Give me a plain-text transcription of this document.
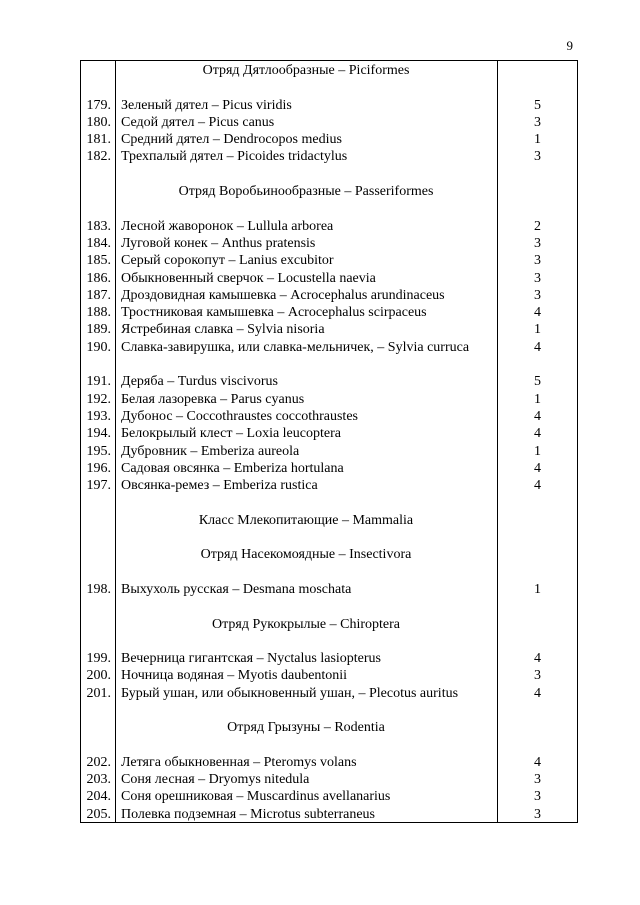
9
Отряд Дятлообразные – Piciformes
179. Зеленый дятел – Picus viridis	5
180. Седой дятел – Picus canus	3
181. Средний дятел – Dendrocopos medius	1
182. Трехпалый дятел – Picoides tridactylus	3
Отряд Воробьинообразные – Passeriformes
183. Лесной жаворонок – Lullula arborea	2
184. Луговой конек – Anthus pratensis	3
185. Серый сорокопут – Lanius excubitor	3
186. Обыкновенный сверчок – Locustella naevia	3
187. Дроздовидная камышевка – Acrocephalus arundinaceus	3
188. Тростниковая камышевка – Acrocephalus scirpaceus	4
189. Ястребиная славка – Sylvia nisoria	1
190. Славка-завирушка, или славка-мельничек, – Sylvia curruca	4
191. Деряба – Turdus viscivorus	5
192. Белая лазоревка – Parus cyanus	1
193. Дубонос – Coccothraustes coccothraustes	4
194. Белокрылый клест – Loxia leucoptera	4
195. Дубровник – Emberiza aureola	1
196. Садовая овсянка – Emberiza hortulana	4
197. Овсянка-ремез – Emberiza rustica	4
Класс Млекопитающие – Mammalia
Отряд Насекомоядные – Insectivora
198. Выхухоль русская – Desmana moschata	1
Отряд Рукокрылые – Chiroptera
199. Вечерница гигантская – Nyctalus lasiopterus	4
200. Ночница водяная – Myotis daubentonii	3
201. Бурый ушан, или обыкновенный ушан, – Plecotus auritus	4
Отряд Грызуны – Rodentia
202. Летяга обыкновенная – Pteromys volans	4
203. Соня лесная – Dryomys nitedula	3
204. Соня орешниковая – Muscardinus avellanarius	3
205. Полевка подземная – Microtus subterraneus	3
